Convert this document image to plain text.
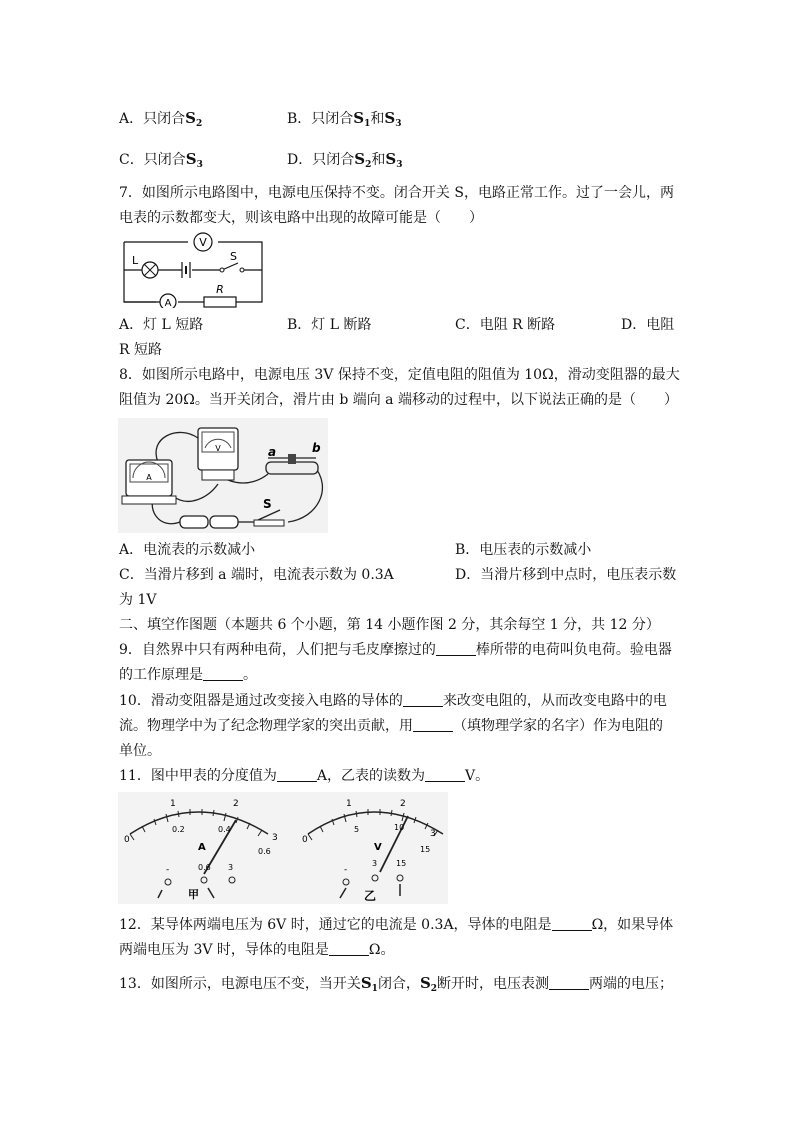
A．只闭合$S_2$	B．只闭合$S_1$和$S_3$
C．只闭合$S_3$	D．只闭合$S_2$和$S_3$
7．如图所示电路图中，电源电压保持不变。闭合开关 S，电路正常工作。过了一会儿，两
电表的示数都变大，则该电路中出现的故障可能是（　　）
V
L	S
A
R
A．灯 L 短路	B．灯 L 断路	C．电阻 R 断路	D．电阻
R 短路
8．如图所示电路中，电源电压 3V 保持不变，定值电阻的阻值为 10Ω，滑动变阻器的最大
阻值为 20Ω。当开关闭合，滑片由 b 端向 a 端移动的过程中，以下说法正确的是（　　）
V
A
a	b
S
A．电流表的示数减小	B．电压表的示数减小
C．当滑片移到 a 端时，电流表示数为 0.3A	D．当滑片移到中点时，电压表示数
为 1V
二、填空作图题（本题共 6 个小题，第 14 小题作图 2 分，其余每空 1 分，共 12 分）
9．自然界中只有两种电荷，人们把与毛皮摩擦过的	棒所带的电荷叫负电荷。验电器
的工作原理是	。
10．滑动变阻器是通过改变接入电路的导体的	来改变电阻的，从而改变电路中的电
流。物理学中为了纪念物理学家的突出贡献，用	（填物理学家的名字）作为电阻的
单位。
11．图中甲表的分度值为	A，乙表的读数为	V。
1	2
3
0
0.2	0.4
0.6
A
-	0.6 3
甲
1	2
3
0
5	10
15
V
-
3 15
乙
12．某导体两端电压为 6V 时，通过它的电流是 0.3A，导体的电阻是	Ω，如果导体
两端电压为 3V 时，导体的电阻是	Ω。
13．如图所示，电源电压不变，当开关$S_1$闭合，$S_2$断开时，电压表测	两端的电压；
